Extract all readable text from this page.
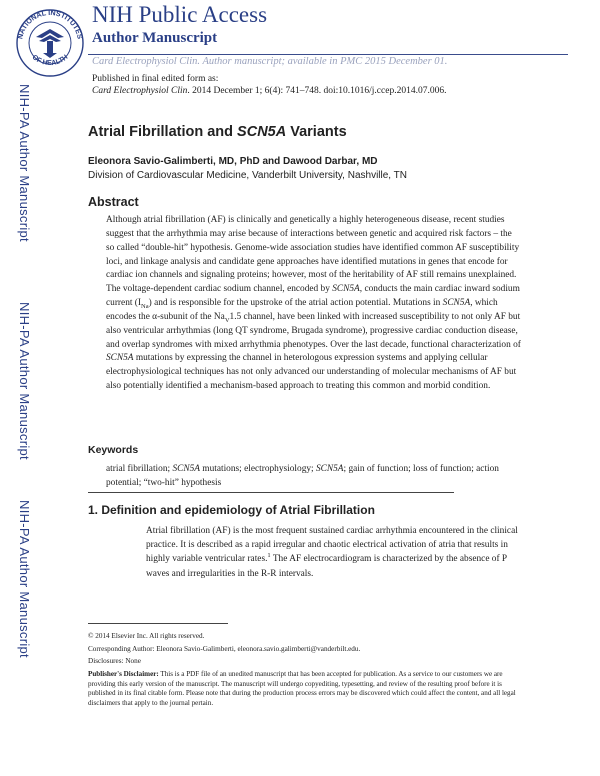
NATIONAL INSTITUTES
OF HEALTH
NIH Public Access
Author Manuscript
Card Electrophysiol Clin. Author manuscript; available in PMC 2015 December 01.
Published in final edited form as:
Card Electrophysiol Clin. 2014 December 1; 6(4): 741–748. doi:10.1016/j.ccep.2014.07.006.
NIH-PA Author Manuscript
NIH-PA Author Manuscript
NIH-PA Author Manuscript
Atrial Fibrillation and SCN5A Variants
Eleonora Savio-Galimberti, MD, PhD and Dawood Darbar, MD
Division of Cardiovascular Medicine, Vanderbilt University, Nashville, TN
Abstract
Although atrial fibrillation (AF) is clinically and genetically a highly heterogeneous disease, recent studies suggest that the arrhythmia may arise because of interactions between genetic and acquired risk factors – the so called “double-hit” hypothesis. Genome-wide association studies have identified common AF susceptibility loci, and linkage analysis and candidate gene approaches have identified mutations in genes that encode for cardiac ion channels and signaling proteins; however, most of the heritability of AF still remains unexplained. The voltage-dependent cardiac sodium channel, encoded by SCN5A, conducts the main cardiac inward sodium current $(I_{Na})$ and is responsible for the upstroke of the atrial action potential. Mutations in SCN5A, which encodes the α-subunit of the $Na_V1.5$ channel, have been linked with increased susceptibility to not only AF but also ventricular arrhythmias (long QT syndrome, Brugada syndrome), progressive cardiac conduction disease, and overlap syndromes with mixed arrhythmia phenotypes. Over the last decade, functional characterization of SCN5A mutations by expressing the channel in heterologous expression systems and applying cellular electrophysiological techniques has not only advanced our understanding of molecular mechanisms of AF but also potentially identified a mechanism-based approach to treating this common and morbid condition.
Keywords
atrial fibrillation; SCN5A mutations; electrophysiology; SCN5A; gain of function; loss of function; action potential; “two-hit” hypothesis
1. Definition and epidemiology of Atrial Fibrillation
Atrial fibrillation (AF) is the most frequent sustained cardiac arrhythmia encountered in the clinical practice. It is described as a rapid irregular and chaotic electrical activation of atria that results in highly variable ventricular rates.$^1$ The AF electrocardiogram is characterized by the absence of P waves and irregularities in the R-R intervals.
© 2014 Elsevier Inc. All rights reserved.
Corresponding Author: Eleonora Savio-Galimberti, eleonora.savio.galimberti@vanderbilt.edu.
Disclosures: None
Publisher's Disclaimer: This is a PDF file of an unedited manuscript that has been accepted for publication. As a service to our customers we are providing this early version of the manuscript. The manuscript will undergo copyediting, typesetting, and review of the resulting proof before it is published in its final citable form. Please note that during the production process errors may be discovered which could affect the content, and all legal disclaimers that apply to the journal pertain.
